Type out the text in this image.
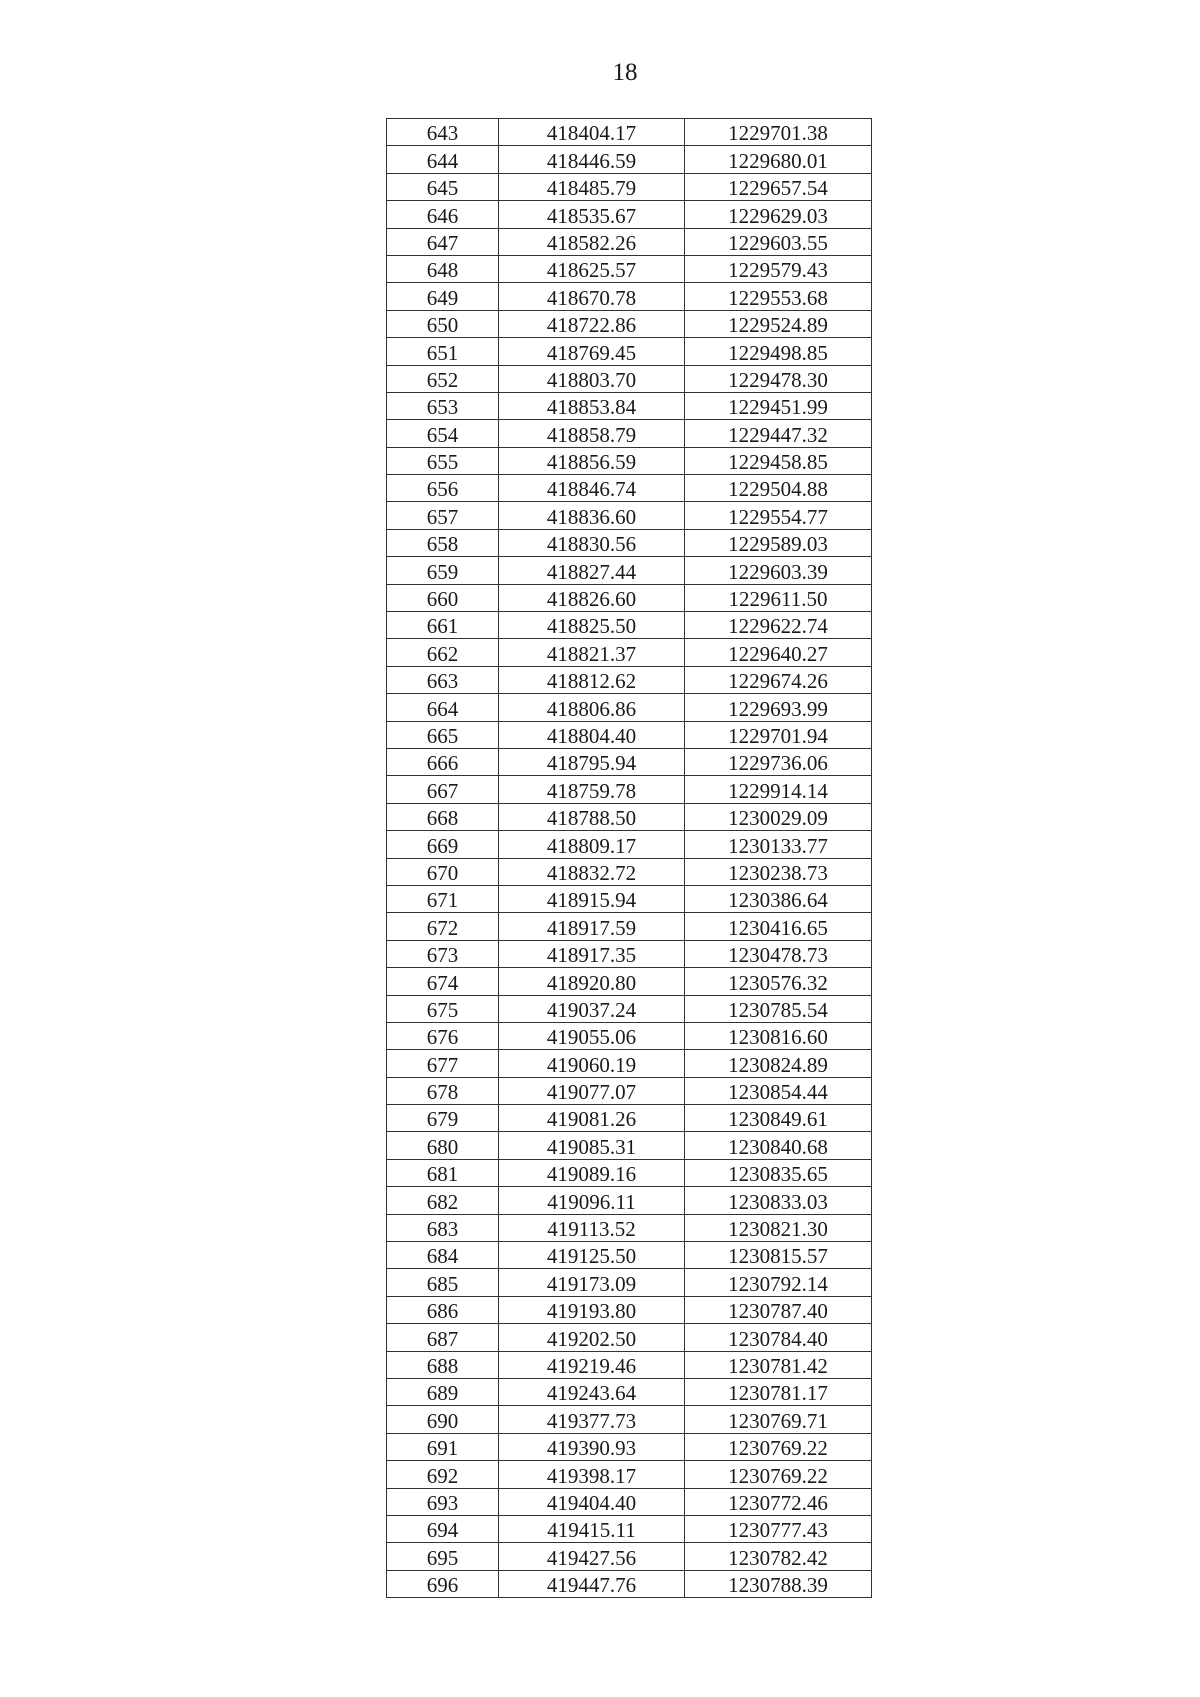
18
643	418404.17	1229701.38
644	418446.59	1229680.01
645	418485.79	1229657.54
646	418535.67	1229629.03
647	418582.26	1229603.55
648	418625.57	1229579.43
649	418670.78	1229553.68
650	418722.86	1229524.89
651	418769.45	1229498.85
652	418803.70	1229478.30
653	418853.84	1229451.99
654	418858.79	1229447.32
655	418856.59	1229458.85
656	418846.74	1229504.88
657	418836.60	1229554.77
658	418830.56	1229589.03
659	418827.44	1229603.39
660	418826.60	1229611.50
661	418825.50	1229622.74
662	418821.37	1229640.27
663	418812.62	1229674.26
664	418806.86	1229693.99
665	418804.40	1229701.94
666	418795.94	1229736.06
667	418759.78	1229914.14
668	418788.50	1230029.09
669	418809.17	1230133.77
670	418832.72	1230238.73
671	418915.94	1230386.64
672	418917.59	1230416.65
673	418917.35	1230478.73
674	418920.80	1230576.32
675	419037.24	1230785.54
676	419055.06	1230816.60
677	419060.19	1230824.89
678	419077.07	1230854.44
679	419081.26	1230849.61
680	419085.31	1230840.68
681	419089.16	1230835.65
682	419096.11	1230833.03
683	419113.52	1230821.30
684	419125.50	1230815.57
685	419173.09	1230792.14
686	419193.80	1230787.40
687	419202.50	1230784.40
688	419219.46	1230781.42
689	419243.64	1230781.17
690	419377.73	1230769.71
691	419390.93	1230769.22
692	419398.17	1230769.22
693	419404.40	1230772.46
694	419415.11	1230777.43
695	419427.56	1230782.42
696	419447.76	1230788.39
